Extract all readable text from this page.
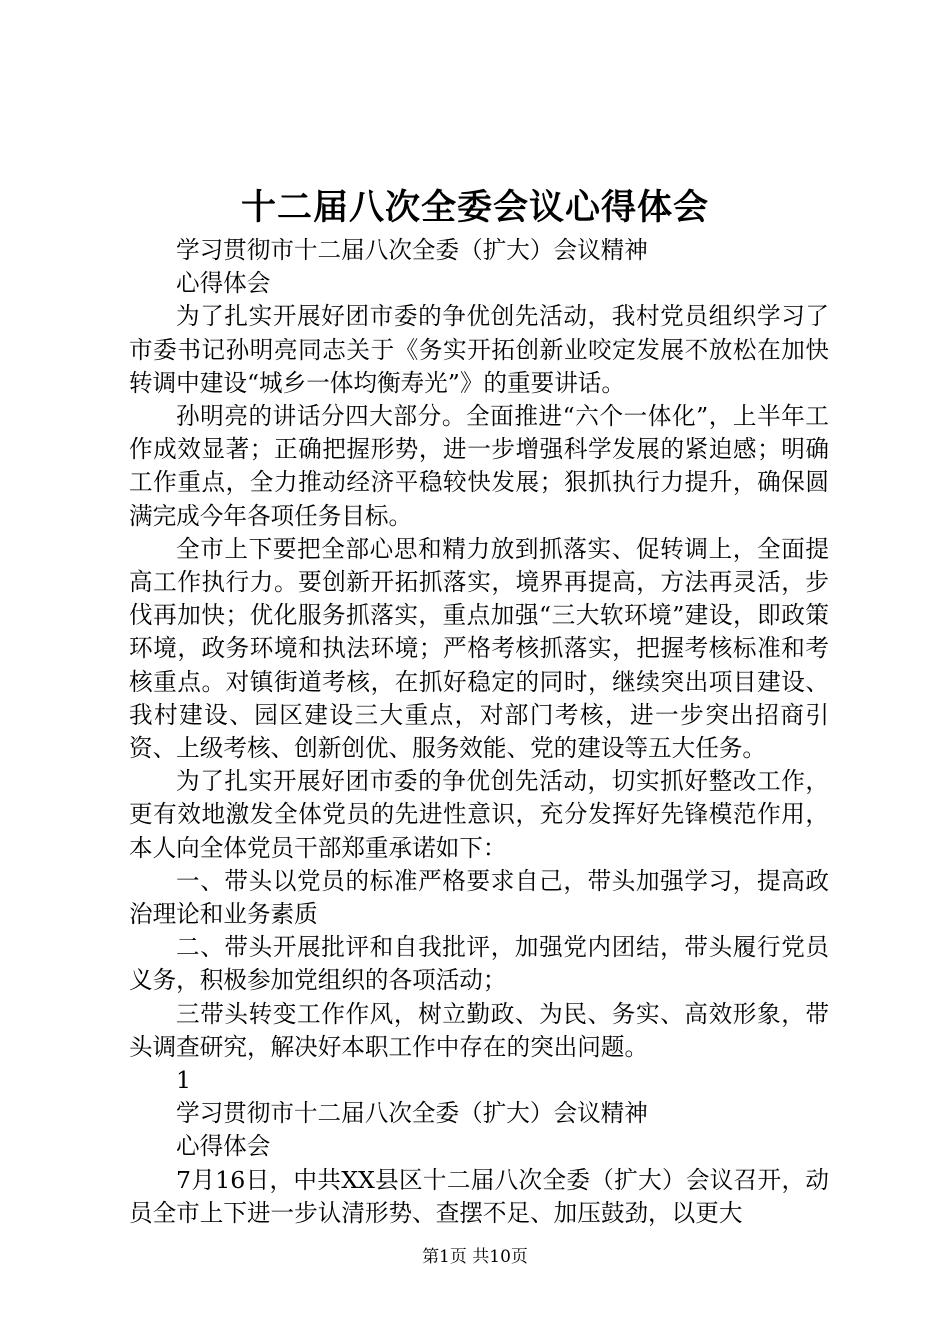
十二届八次全委会议心得体会

学习贯彻市十二届八次全委（扩大）会议精神

心得体会

为了扎实开展好团市委的争优创先活动，我村党员组织学习了市委书记孙明亮同志关于《务实开拓创新业咬定发展不放松在加快转调中建设“城乡一体均衡寿光”》的重要讲话。

孙明亮的讲话分四大部分。全面推进“六个一体化”，上半年工作成效显著；正确把握形势，进一步增强科学发展的紧迫感；明确工作重点，全力推动经济平稳较快发展；狠抓执行力提升，确保圆满完成今年各项任务目标。

全市上下要把全部心思和精力放到抓落实、促转调上，全面提高工作执行力。要创新开拓抓落实，境界再提高，方法再灵活，步伐再加快；优化服务抓落实，重点加强“三大软环境”建设，即政策环境，政务环境和执法环境；严格考核抓落实，把握考核标准和考核重点。对镇街道考核，在抓好稳定的同时，继续突出项目建设、我村建设、园区建设三大重点，对部门考核，进一步突出招商引资、上级考核、创新创优、服务效能、党的建设等五大任务。

为了扎实开展好团市委的争优创先活动，切实抓好整改工作，更有效地激发全体党员的先进性意识，充分发挥好先锋模范作用，本人向全体党员干部郑重承诺如下：

一、带头以党员的标准严格要求自己，带头加强学习，提高政治理论和业务素质

二、带头开展批评和自我批评，加强党内团结，带头履行党员义务，积极参加党组织的各项活动；

三带头转变工作作风，树立勤政、为民、务实、高效形象，带头调查研究，解决好本职工作中存在的突出问题。

1

学习贯彻市十二届八次全委（扩大）会议精神

心得体会

7月16日，中共XX县区十二届八次全委（扩大）会议召开，动员全市上下进一步认清形势、查摆不足、加压鼓劲，以更大

第1页 共10页
